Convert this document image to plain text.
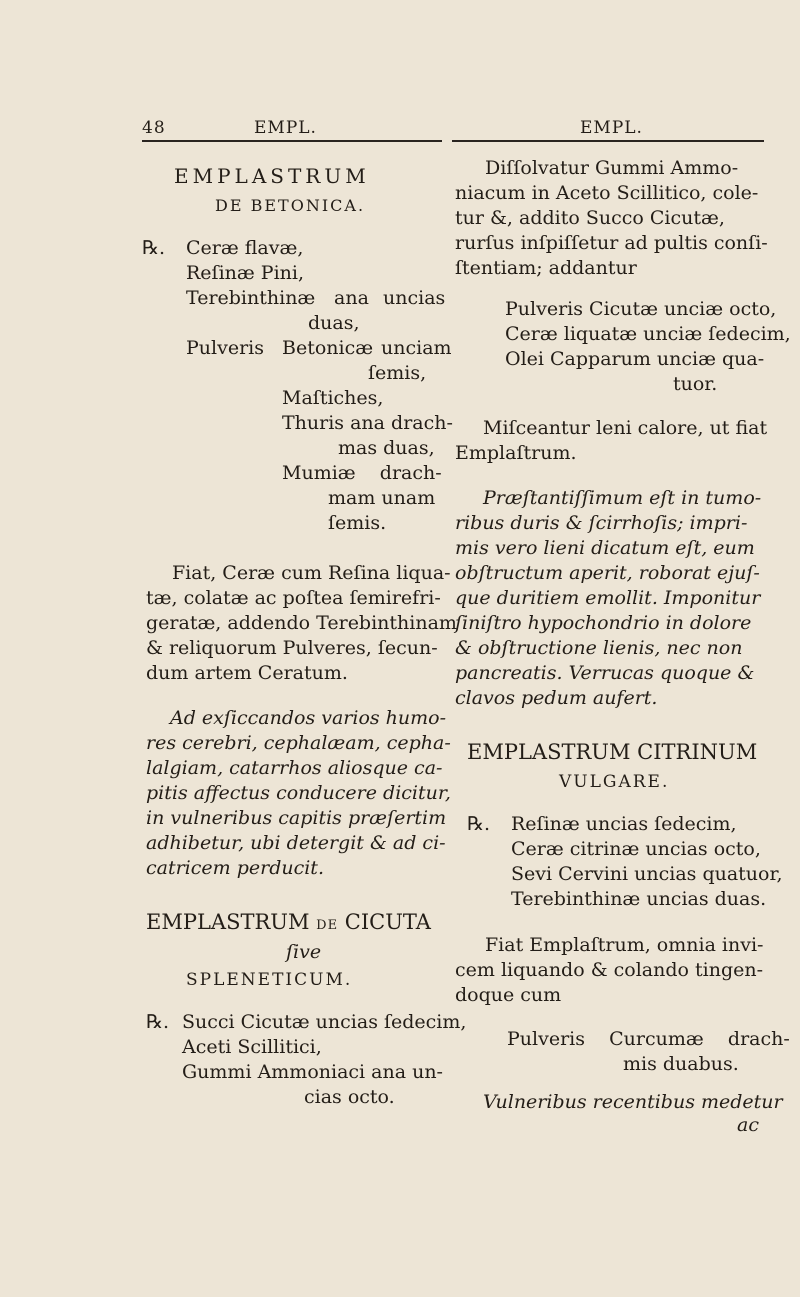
48	EMPL.	EMPL.
EMPLASTRUM
DE BETONICA.
℞. Ceræ flavæ,
Reſinæ Pini,
Terebinthinæ ana uncias
duas,
Pulveris Betonicæ unciam
ſemis,
Maſtiches,
Thuris ana drach-
mas duas,
Mumiæ    drach-
mam unam
ſemis.
Fiat, Ceræ cum Reſina liqua-
tæ, colatæ ac poſtea ſemirefri-
geratæ, addendo Terebinthinam
& reliquorum Pulveres, ſecun-
dum artem Ceratum.
Ad exſiccandos varios humo-
res cerebri, cephalæam, cepha-
lalgiam, catarrhos aliosque ca-
pitis affectus conducere dicitur,
in vulneribus capitis præſertim
adhibetur, ubi detergit & ad ci-
catricem perducit.
EMPLASTRUM DE CICUTA
ſive
SPLENETICUM.
℞. Succi Cicutæ uncias ſedecim,
Aceti Scillitici,
Gummi Ammoniaci ana un-
cias octo.
Diſſolvatur Gummi Ammo-
niacum in Aceto Scillitico, cole-
tur &, addito Succo Cicutæ,
rurſus inſpiſſetur ad pultis conſi-
ſtentiam; addantur
Pulveris Cicutæ unciæ octo,
Ceræ liquatæ unciæ ſedecim,
Olei Capparum unciæ qua-
tuor.
Miſceantur leni calore, ut fiat
Emplaſtrum.
Præſtantiſſimum eſt in tumo-
ribus duris & ſcirrhoſis; impri-
mis vero lieni dicatum eſt, eum
obſtructum aperit, roborat ejuſ-
que duritiem emollit. Imponitur
ſiniſtro hypochondrio in dolore
& obſtructione lienis, nec non
pancreatis. Verrucas quoque &
clavos pedum aufert.
EMPLASTRUM CITRINUM
VULGARE.
℞. Reſinæ uncias ſedecim,
Ceræ citrinæ uncias octo,
Sevi Cervini uncias quatuor,
Terebinthinæ uncias duas.
Fiat Emplaſtrum, omnia invi-
cem liquando & colando tingen-
doque cum
Pulveris    Curcumæ    drach-
mis duabus.
Vulneribus recentibus medetur
ac
